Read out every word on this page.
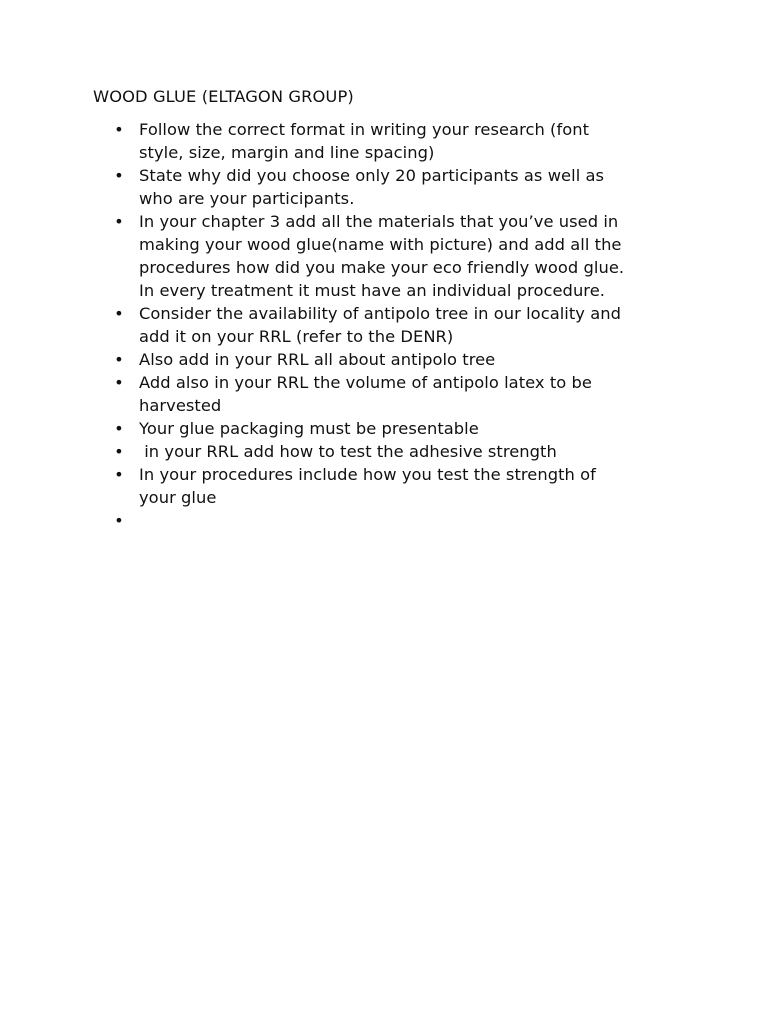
WOOD GLUE (ELTAGON GROUP)
• Follow the correct format in writing your research (font
style, size, margin and line spacing)
• State why did you choose only 20 participants as well as
who are your participants.
• In your chapter 3 add all the materials that you’ve used in
making your wood glue(name with picture) and add all the
procedures how did you make your eco friendly wood glue.
In every treatment it must have an individual procedure.
• Consider the availability of antipolo tree in our locality and
add it on your RRL (refer to the DENR)
• Also add in your RRL all about antipolo tree
• Add also in your RRL the volume of antipolo latex to be
harvested
• Your glue packaging must be presentable
• in your RRL add how to test the adhesive strength
• In your procedures include how you test the strength of
your glue
•
